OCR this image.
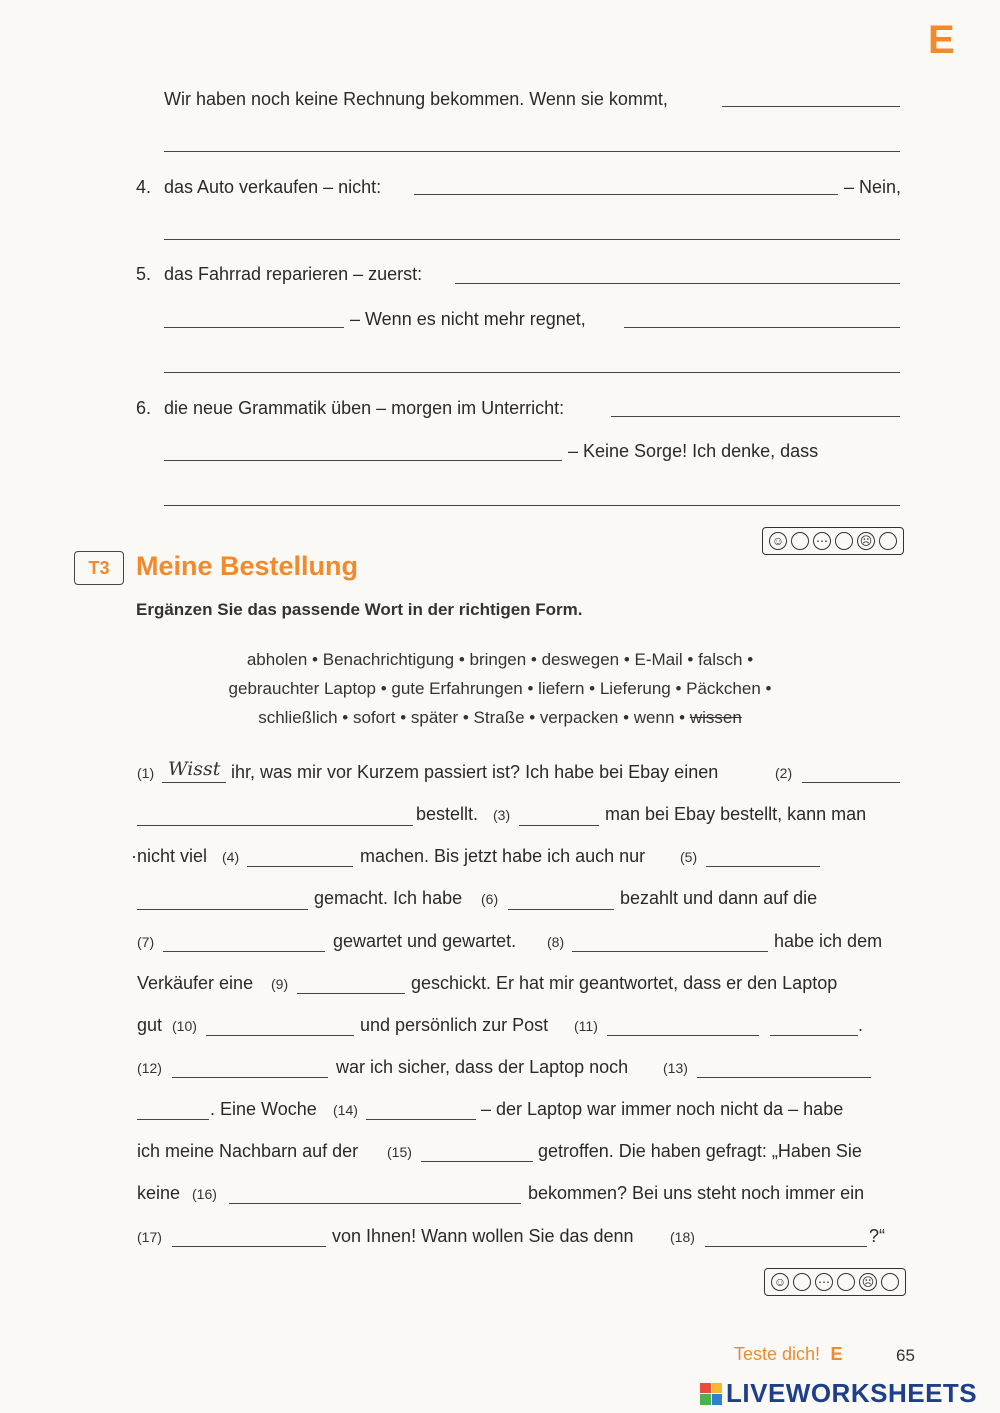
E
Wir haben noch keine Rechnung bekommen. Wenn sie kommt,
4. das Auto verkaufen – nicht:	– Nein,
5. das Fahrrad reparieren – zuerst:
– Wenn es nicht mehr regnet,
6. die neue Grammatik üben – morgen im Unterricht:
– Keine Sorge! Ich denke, dass
☺	⋯	☹
T3 Meine Bestellung
Ergänzen Sie das passende Wort in der richtigen Form.
abholen • Benachrichtigung • bringen • deswegen • E-Mail • falsch •
gebrauchter Laptop • gute Erfahrungen • liefern • Lieferung • Päckchen •
schließlich • sofort • später • Straße • verpacken • wenn • wissen
(1) Wisst ihr, was mir vor Kurzem passiert ist? Ich habe bei Ebay einen	(2)
bestellt. (3)	man bei Ebay bestellt, kann man
·nicht viel (4)	machen. Bis jetzt habe ich auch nur (5)
gemacht. Ich habe (6)	bezahlt und dann auf die
(7)	gewartet und gewartet. (8)	habe ich dem
Verkäufer eine (9)	geschickt. Er hat mir geantwortet, dass er den Laptop
gut (10)	und persönlich zur Post (11)	.
(12)	war ich sicher, dass der Laptop noch (13)
. Eine Woche (14)	– der Laptop war immer noch nicht da – habe
ich meine Nachbarn auf der (15)	getroffen. Die haben gefragt: „Haben Sie
keine (16)	bekommen? Bei uns steht noch immer ein
(17)	von Ihnen! Wann wollen Sie das denn	(18)	?“
☺	⋯	☹
Teste dich! E	65
LIVEWORKSHEETS
